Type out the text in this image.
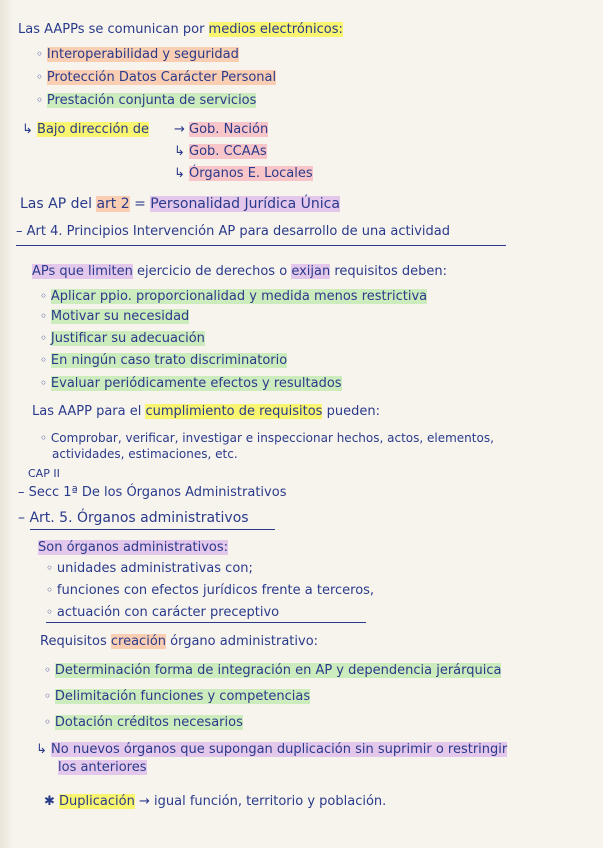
Las AAPPs se comunican por medios electrónicos:
◦ Interoperabilidad y seguridad
◦ Protección Datos Carácter Personal
◦ Prestación conjunta de servicios
↳ Bajo dirección de → Gob. Nación
↳ Gob. CCAAs
↳ Órganos E. Locales
Las AP del art 2 = Personalidad Jurídica Única
– Art 4. Principios Intervención AP para desarrollo de una actividad
APs que limiten ejercicio de derechos o exijan requisitos deben:
◦ Aplicar ppio. proporcionalidad y medida menos restrictiva
◦ Motivar su necesidad
◦ Justificar su adecuación
◦ En ningún caso trato discriminatorio
◦ Evaluar periódicamente efectos y resultados
Las AAPP para el cumplimiento de requisitos pueden:
◦ Comprobar, verificar, investigar e inspeccionar hechos, actos, elementos,
actividades, estimaciones, etc.
CAP II
– Secc 1ª De los Órganos Administrativos
– Art. 5. Órganos administrativos
Son órganos administrativos:
◦ unidades administrativas con;
◦ funciones con efectos jurídicos frente a terceros,
◦ actuación con carácter preceptivo
Requisitos creación órgano administrativo:
◦ Determinación forma de integración en AP y dependencia jerárquica
◦ Delimitación funciones y competencias
◦ Dotación créditos necesarios
↳ No nuevos órganos que supongan duplicación sin suprimir o restringir
los anteriores
✱ Duplicación → igual función, territorio y población.
